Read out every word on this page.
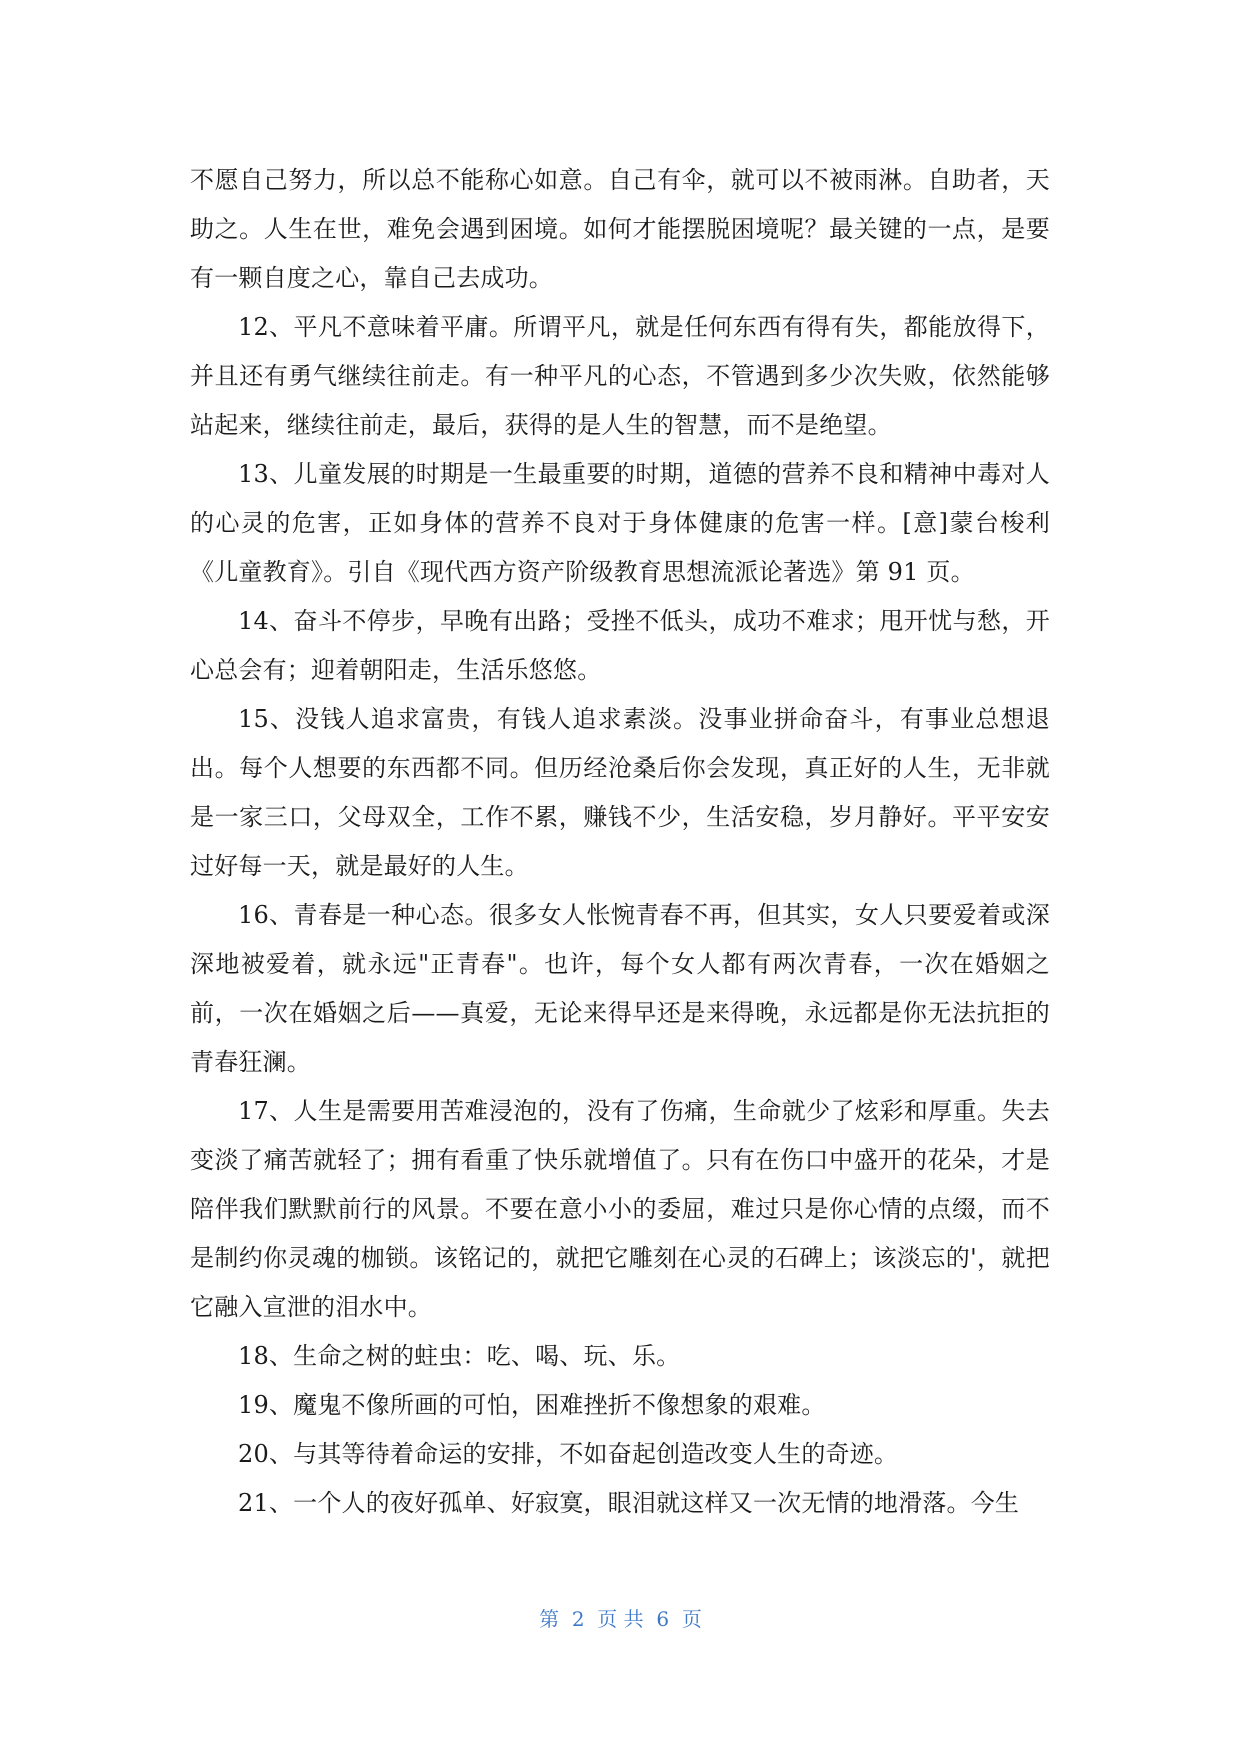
不愿自己努力，所以总不能称心如意。自己有伞，就可以不被雨淋。自助者，天助之。人生在世，难免会遇到困境。如何才能摆脱困境呢？最关键的一点，是要有一颗自度之心，靠自己去成功。

12、平凡不意味着平庸。所谓平凡，就是任何东西有得有失，都能放得下，并且还有勇气继续往前走。有一种平凡的心态，不管遇到多少次失败，依然能够站起来，继续往前走，最后，获得的是人生的智慧，而不是绝望。

13、儿童发展的时期是一生最重要的时期，道德的营养不良和精神中毒对人的心灵的危害，正如身体的营养不良对于身体健康的危害一样。[意]蒙台梭利《儿童教育》。引自《现代西方资产阶级教育思想流派论著选》第 91 页。

14、奋斗不停步，早晚有出路；受挫不低头，成功不难求；甩开忧与愁，开心总会有；迎着朝阳走，生活乐悠悠。

15、没钱人追求富贵，有钱人追求素淡。没事业拼命奋斗，有事业总想退出。每个人想要的东西都不同。但历经沧桑后你会发现，真正好的人生，无非就是一家三口，父母双全，工作不累，赚钱不少，生活安稳，岁月静好。平平安安过好每一天，就是最好的人生。

16、青春是一种心态。很多女人怅惋青春不再，但其实，女人只要爱着或深深地被爱着，就永远"正青春"。也许，每个女人都有两次青春，一次在婚姻之前，一次在婚姻之后——真爱，无论来得早还是来得晚，永远都是你无法抗拒的青春狂澜。

17、人生是需要用苦难浸泡的，没有了伤痛，生命就少了炫彩和厚重。失去变淡了痛苦就轻了；拥有看重了快乐就增值了。只有在伤口中盛开的花朵，才是陪伴我们默默前行的风景。不要在意小小的委屈，难过只是你心情的点缀，而不是制约你灵魂的枷锁。该铭记的，就把它雕刻在心灵的石碑上；该淡忘的'，就把它融入宣泄的泪水中。

18、生命之树的蛀虫：吃、喝、玩、乐。

19、魔鬼不像所画的可怕，困难挫折不像想象的艰难。

20、与其等待着命运的安排，不如奋起创造改变人生的奇迹。

21、一个人的夜好孤单、好寂寞，眼泪就这样又一次无情的地滑落。今生

第  2  页 共  6  页
